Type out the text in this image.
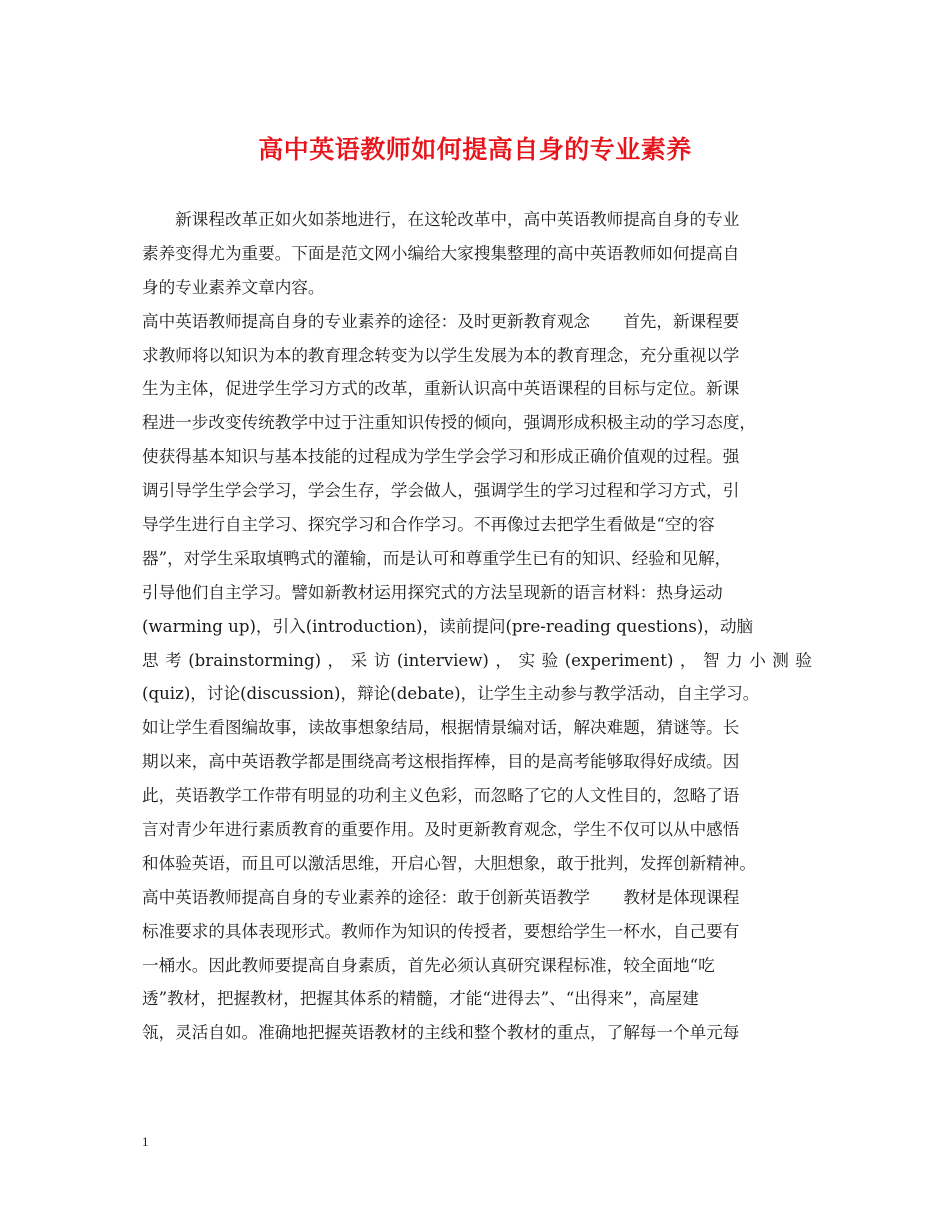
高中英语教师如何提高自身的专业素养
　　新课程改革正如火如荼地进行，在这轮改革中，高中英语教师提高自身的专业
素养变得尤为重要。下面是范文网小编给大家搜集整理的高中英语教师如何提高自
身的专业素养文章内容。
高中英语教师提高自身的专业素养的途径：及时更新教育观念　　首先，新课程要
求教师将以知识为本的教育理念转变为以学生发展为本的教育理念，充分重视以学
生为主体，促进学生学习方式的改革，重新认识高中英语课程的目标与定位。新课
程进一步改变传统教学中过于注重知识传授的倾向，强调形成积极主动的学习态度，
使获得基本知识与基本技能的过程成为学生学会学习和形成正确价值观的过程。强
调引导学生学会学习，学会生存，学会做人，强调学生的学习过程和学习方式，引
导学生进行自主学习、探究学习和合作学习。不再像过去把学生看做是“空的容
器”，对学生采取填鸭式的灌输，而是认可和尊重学生已有的知识、经验和见解，
引导他们自主学习。譬如新教材运用探究式的方法呈现新的语言材料：热身运动
(warming up)，引入(introduction)，读前提问(pre-reading questions)，动脑
思考(brainstorming)，采访(interview)，实验(experiment)，智力小测验
(quiz)，讨论(discussion)，辩论(debate)，让学生主动参与教学活动，自主学习。
如让学生看图编故事，读故事想象结局，根据情景编对话，解决难题，猜谜等。长
期以来，高中英语教学都是围绕高考这根指挥棒，目的是高考能够取得好成绩。因
此，英语教学工作带有明显的功利主义色彩，而忽略了它的人文性目的，忽略了语
言对青少年进行素质教育的重要作用。及时更新教育观念，学生不仅可以从中感悟
和体验英语，而且可以激活思维，开启心智，大胆想象，敢于批判，发挥创新精神。
高中英语教师提高自身的专业素养的途径：敢于创新英语教学　　教材是体现课程
标准要求的具体表现形式。教师作为知识的传授者，要想给学生一杯水，自己要有
一桶水。因此教师要提高自身素质，首先必须认真研究课程标准，较全面地“吃
透”教材，把握教材，把握其体系的精髓，才能“进得去”、“出得来”，高屋建
瓴，灵活自如。准确地把握英语教材的主线和整个教材的重点，了解每一个单元每
1
